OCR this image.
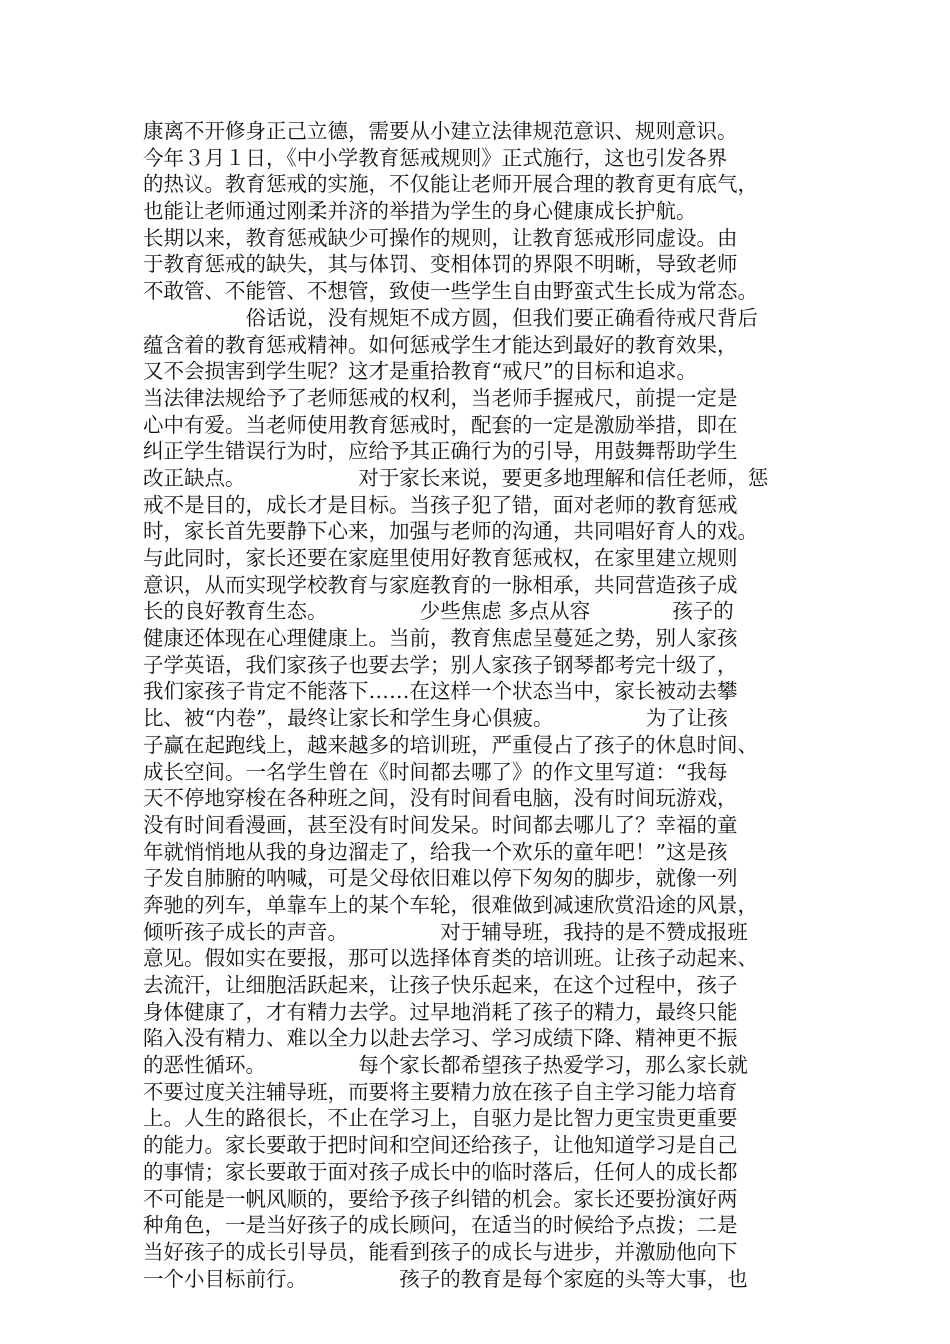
康离不开修身正己立德，需要从小建立法律规范意识、规则意识。
今年３月１日，《中小学教育惩戒规则》正式施行，这也引发各界
的热议。教育惩戒的实施，不仅能让老师开展合理的教育更有底气，
也能让老师通过刚柔并济的举措为学生的身心健康成长护航。
长期以来，教育惩戒缺少可操作的规则，让教育惩戒形同虚设。由
于教育惩戒的缺失，其与体罚、变相体罚的界限不明晰，导致老师
不敢管、不能管、不想管，致使一些学生自由野蛮式生长成为常态。
　　　　　俗话说，没有规矩不成方圆，但我们要正确看待戒尺背后
蕴含着的教育惩戒精神。如何惩戒学生才能达到最好的教育效果，
又不会损害到学生呢？这才是重拾教育“戒尺”的目标和追求。
当法律法规给予了老师惩戒的权利，当老师手握戒尺，前提一定是
心中有爱。当老师使用教育惩戒时，配套的一定是激励举措，即在
纠正学生错误行为时，应给予其正确行为的引导，用鼓舞帮助学生
改正缺点。　　　　　　对于家长来说，要更多地理解和信任老师，惩
戒不是目的，成长才是目标。当孩子犯了错，面对老师的教育惩戒
时，家长首先要静下心来，加强与老师的沟通，共同唱好育人的戏。
与此同时，家长还要在家庭里使用好教育惩戒权，在家里建立规则
意识，从而实现学校教育与家庭教育的一脉相承，共同营造孩子成
长的良好教育生态。　　　　　少些焦虑 多点从容　　　　孩子的
健康还体现在心理健康上。当前，教育焦虑呈蔓延之势，别人家孩
子学英语，我们家孩子也要去学；别人家孩子钢琴都考完十级了，
我们家孩子肯定不能落下……在这样一个状态当中，家长被动去攀
比、被“内卷”，最终让家长和学生身心俱疲。　　　　　为了让孩
子赢在起跑线上，越来越多的培训班，严重侵占了孩子的休息时间、
成长空间。一名学生曾在《时间都去哪了》的作文里写道：“我每
天不停地穿梭在各种班之间，没有时间看电脑，没有时间玩游戏，
没有时间看漫画，甚至没有时间发呆。时间都去哪儿了？幸福的童
年就悄悄地从我的身边溜走了，给我一个欢乐的童年吧！”这是孩
子发自肺腑的呐喊，可是父母依旧难以停下匆匆的脚步，就像一列
奔驰的列车，单靠车上的某个车轮，很难做到减速欣赏沿途的风景，
倾听孩子成长的声音。　　　　　对于辅导班，我持的是不赞成报班
意见。假如实在要报，那可以选择体育类的培训班。让孩子动起来、
去流汗，让细胞活跃起来，让孩子快乐起来，在这个过程中，孩子
身体健康了，才有精力去学。过早地消耗了孩子的精力，最终只能
陷入没有精力、难以全力以赴去学习、学习成绩下降、精神更不振
的恶性循环。　　　　　每个家长都希望孩子热爱学习，那么家长就
不要过度关注辅导班，而要将主要精力放在孩子自主学习能力培育
上。人生的路很长，不止在学习上，自驱力是比智力更宝贵更重要
的能力。家长要敢于把时间和空间还给孩子，让他知道学习是自己
的事情；家长要敢于面对孩子成长中的临时落后，任何人的成长都
不可能是一帆风顺的，要给予孩子纠错的机会。家长还要扮演好两
种角色，一是当好孩子的成长顾问，在适当的时候给予点拨；二是
当好孩子的成长引导员，能看到孩子的成长与进步，并激励他向下
一个小目标前行。　　　　　孩子的教育是每个家庭的头等大事，也
